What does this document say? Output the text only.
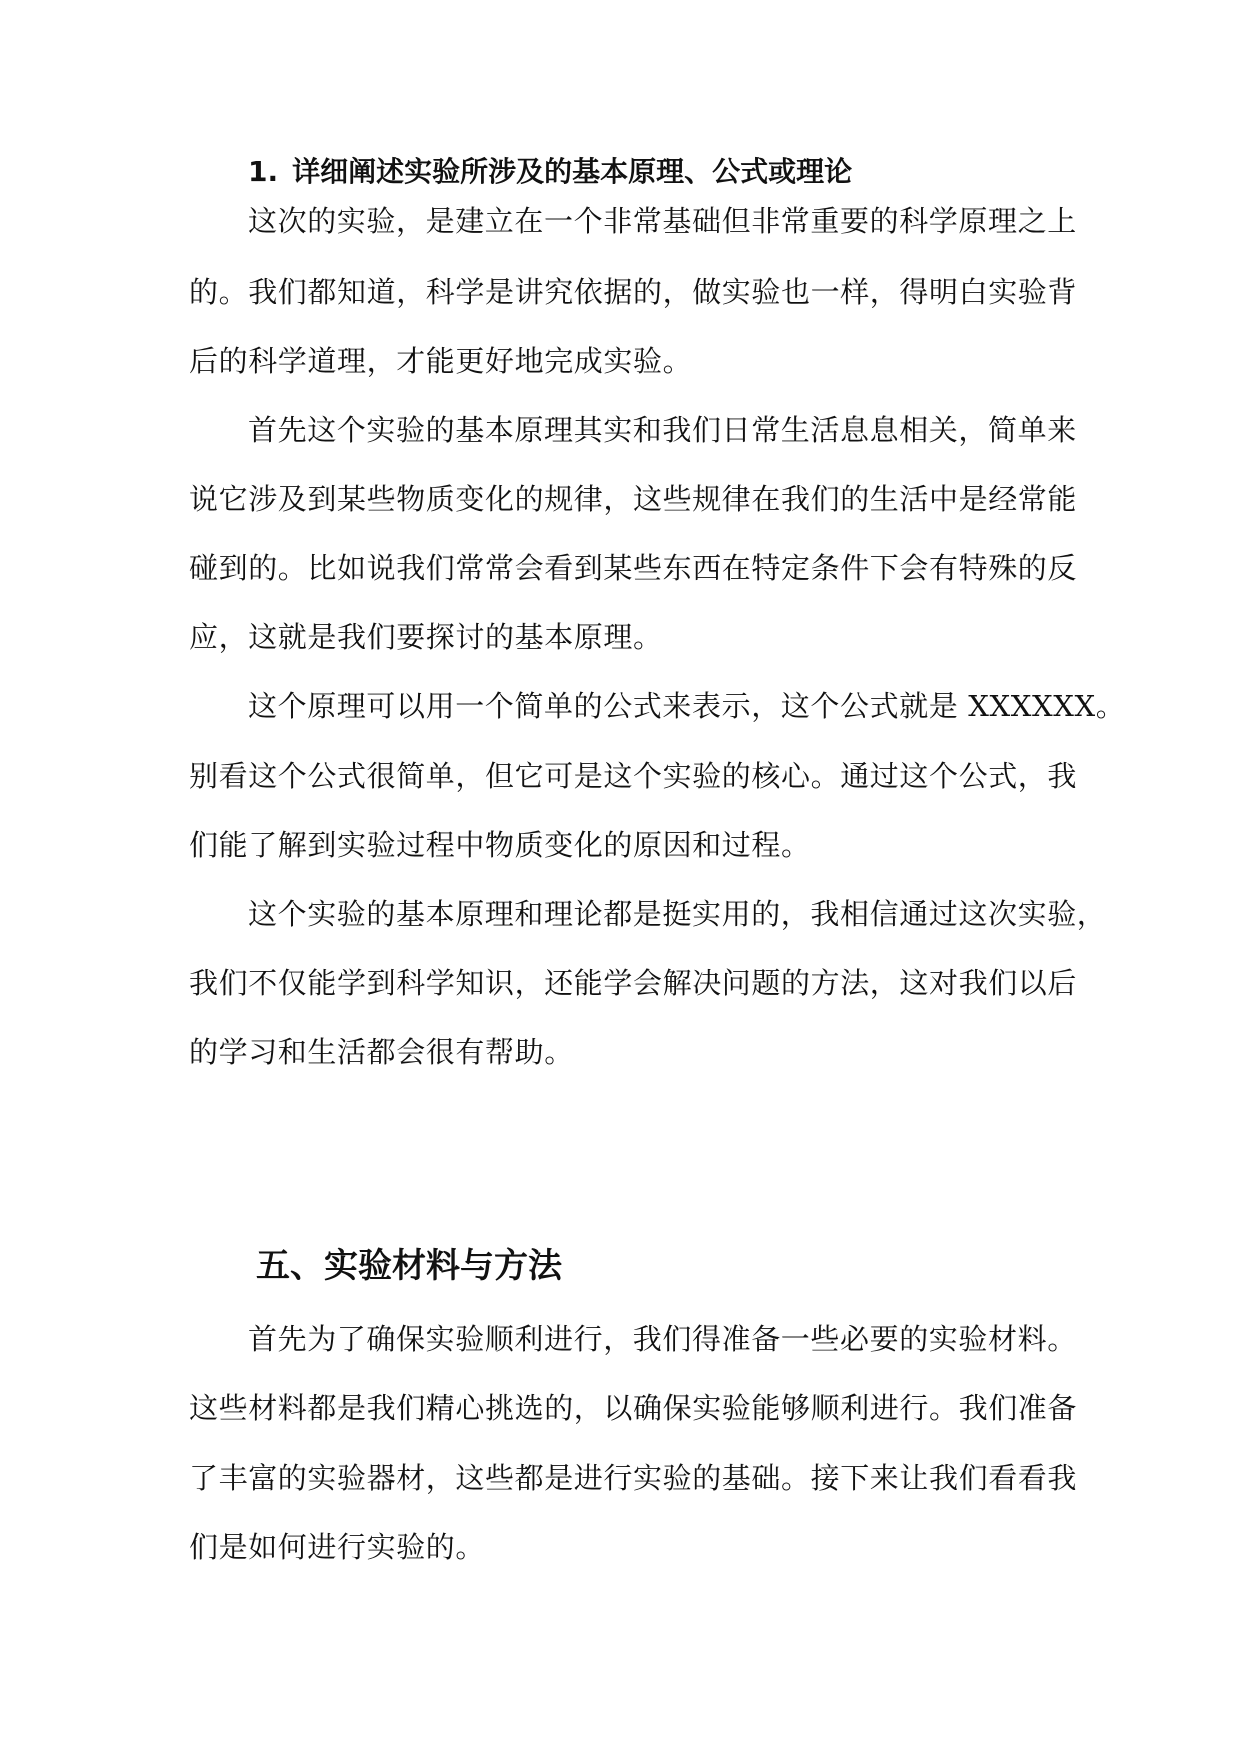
1. 详细阐述实验所涉及的基本原理、公式或理论
这次的实验，是建立在一个非常基础但非常重要的科学原理之上
的。我们都知道，科学是讲究依据的，做实验也一样，得明白实验背
后的科学道理，才能更好地完成实验。
首先这个实验的基本原理其实和我们日常生活息息相关，简单来
说它涉及到某些物质变化的规律，这些规律在我们的生活中是经常能
碰到的。比如说我们常常会看到某些东西在特定条件下会有特殊的反
应，这就是我们要探讨的基本原理。
这个原理可以用一个简单的公式来表示，这个公式就是 XXXXXX。
别看这个公式很简单，但它可是这个实验的核心。通过这个公式，我
们能了解到实验过程中物质变化的原因和过程。
这个实验的基本原理和理论都是挺实用的，我相信通过这次实验，
我们不仅能学到科学知识，还能学会解决问题的方法，这对我们以后
的学习和生活都会很有帮助。
五、实验材料与方法
首先为了确保实验顺利进行，我们得准备一些必要的实验材料。
这些材料都是我们精心挑选的，以确保实验能够顺利进行。我们准备
了丰富的实验器材，这些都是进行实验的基础。接下来让我们看看我
们是如何进行实验的。
